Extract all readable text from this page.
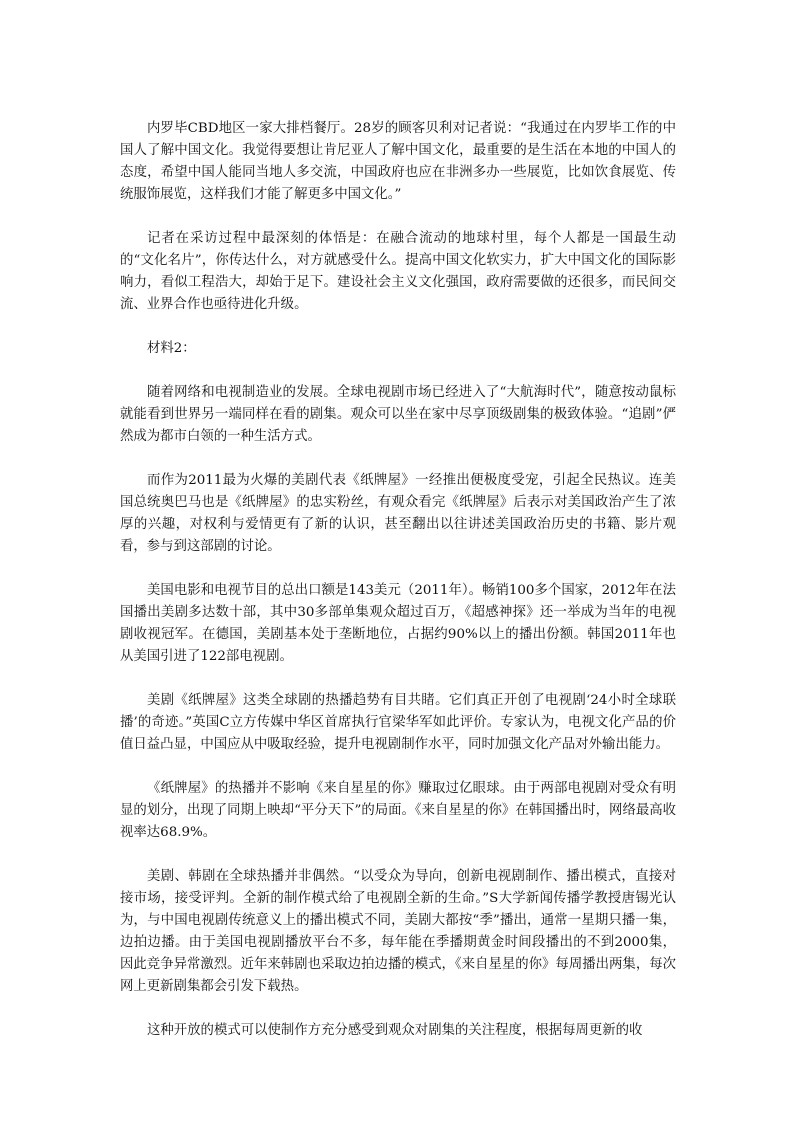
内罗毕CBD地区一家大排档餐厅。28岁的顾客贝利对记者说：“我通过在内罗毕工作的中国人了解中国文化。我觉得要想让肯尼亚人了解中国文化，最重要的是生活在本地的中国人的态度，希望中国人能同当地人多交流，中国政府也应在非洲多办一些展览，比如饮食展览、传统服饰展览，这样我们才能了解更多中国文化。”

记者在采访过程中最深刻的体悟是：在融合流动的地球村里，每个人都是一国最生动的“文化名片”，你传达什么，对方就感受什么。提高中国文化软实力，扩大中国文化的国际影响力，看似工程浩大，却始于足下。建设社会主义文化强国，政府需要做的还很多，而民间交流、业界合作也亟待进化升级。

材料2：

随着网络和电视制造业的发展。全球电视剧市场已经进入了“大航海时代”，随意按动鼠标就能看到世界另一端同样在看的剧集。观众可以坐在家中尽享顶级剧集的极致体验。“追剧”俨然成为都市白领的一种生活方式。

而作为2011最为火爆的美剧代表《纸牌屋》一经推出便极度受宠，引起全民热议。连美国总统奥巴马也是《纸牌屋》的忠实粉丝，有观众看完《纸牌屋》后表示对美国政治产生了浓厚的兴趣，对权利与爱情更有了新的认识，甚至翻出以往讲述美国政治历史的书籍、影片观看，参与到这部剧的讨论。

美国电影和电视节目的总出口额是143美元（2011年）。畅销100多个国家，2012年在法国播出美剧多达数十部，其中30多部单集观众超过百万，《超感神探》还一举成为当年的电视剧收视冠军。在德国，美剧基本处于垄断地位，占据约90%以上的播出份额。韩国2011年也从美国引进了122部电视剧。

美剧《纸牌屋》这类全球剧的热播趋势有目共睹。它们真正开创了电视剧‘24小时全球联播’的奇迹。”英国C立方传媒中华区首席执行官梁华军如此评价。专家认为，电视文化产品的价值日益凸显，中国应从中吸取经验，提升电视剧制作水平，同时加强文化产品对外输出能力。

《纸牌屋》的热播并不影响《来自星星的你》赚取过亿眼球。由于两部电视剧对受众有明显的划分，出现了同期上映却“平分天下”的局面。《来自星星的你》在韩国播出时，网络最高收视率达68.9%。

美剧、韩剧在全球热播并非偶然。“以受众为导向，创新电视剧制作、播出模式，直接对接市场，接受评判。全新的制作模式给了电视剧全新的生命。”S大学新闻传播学教授唐锡光认为，与中国电视剧传统意义上的播出模式不同，美剧大都按“季”播出，通常一星期只播一集，边拍边播。由于美国电视剧播放平台不多，每年能在季播期黄金时间段播出的不到2000集，因此竞争异常激烈。近年来韩剧也采取边拍边播的模式，《来自星星的你》每周播出两集，每次网上更新剧集都会引发下载热。

这种开放的模式可以使制作方充分感受到观众对剧集的关注程度，根据每周更新的收
